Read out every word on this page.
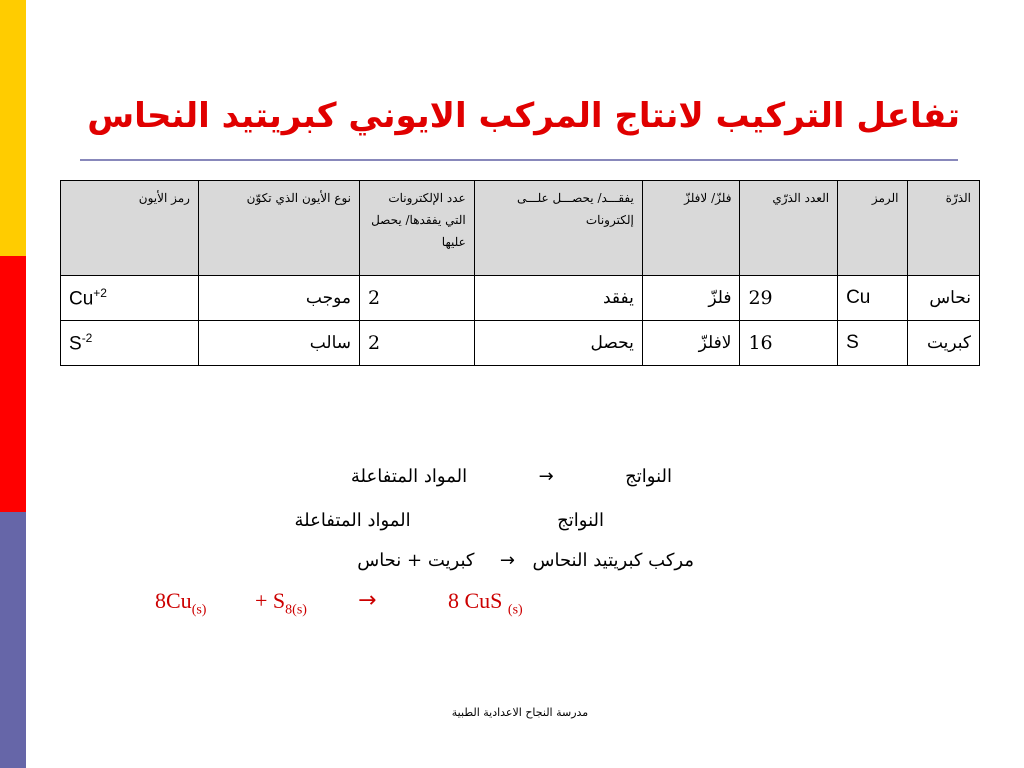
تفاعل التركيب لانتاج المركب الايوني كبريتيد النحاس
الذرّة	الرمز	العدد الذرّي	فلزّ/ لافلزّ	يفقـــد/ يحصـــل علـــى إلكترونات	عدد الإلكترونات التي يفقدها/ يحصل عليها	نوع الأيون الذي تكوّن	رمز الأيون
نحاس	Cu	29	فلزّ	يفقد	2	موجب	$Cu^{+2}$
كبريت	S	16	لافلزّ	يحصل	2	سالب	$S^{-2}$
النواتج  →  المواد المتفاعلة
النواتج  المواد المتفاعلة
مركب كبريتيد النحاس  →  كبريت + نحاس
$8Cu_{(s)} + S_{8(s)}$ →	8 CuS $_{(s)}$
مدرسة النجاح الاعدادية الطبية
